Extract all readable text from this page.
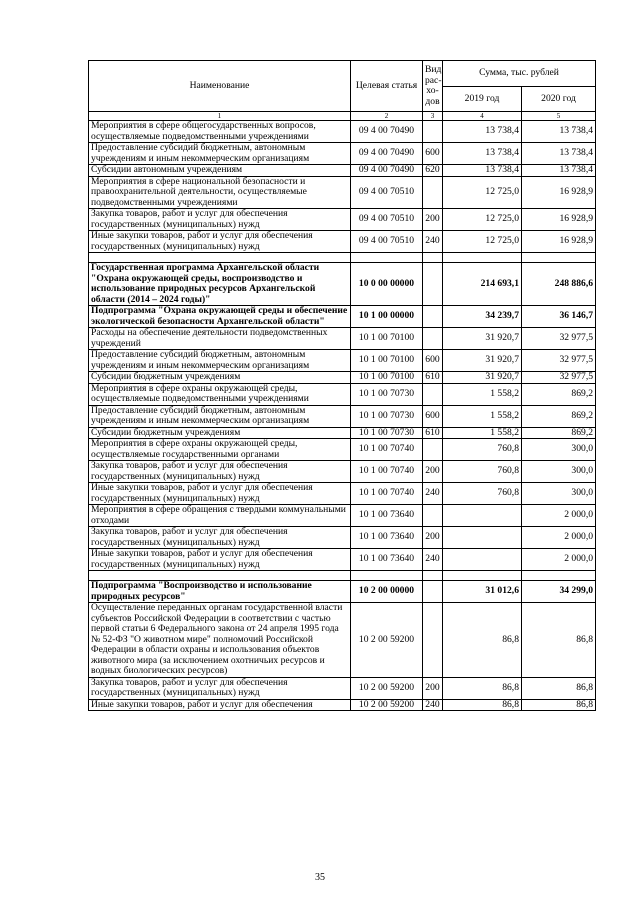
Наименование	Целевая статья	Вид рас-хо-дов	Сумма, тыс. рублей	
			2019 год	2020 год
1	2	3	4	5
Мероприятия в сфере общегосударственных вопросов, осуществляемые подведомственными учреждениями	09 4 00 70490		13 738,4	13 738,4
Предоставление субсидий бюджетным, автономным учреждениям и иным некоммерческим организациям	09 4 00 70490	600	13 738,4	13 738,4
Субсидии автономным учреждениям	09 4 00 70490	620	13 738,4	13 738,4
Мероприятия в сфере национальной безопасности и правоохранительной деятельности, осуществляемые подведомственными учреждениями	09 4 00 70510		12 725,0	16 928,9
Закупка товаров, работ и услуг для обеспечения государственных (муниципальных) нужд	09 4 00 70510	200	12 725,0	16 928,9
Иные закупки товаров, работ и услуг для обеспечения государственных (муниципальных) нужд	09 4 00 70510	240	12 725,0	16 928,9

Государственная программа Архангельской области "Охрана окружающей среды, воспроизводство и использование природных ресурсов Архангельской области (2014 – 2024 годы)"	10 0 00 00000		214 693,1	248 886,6
Подпрограмма "Охрана окружающей среды и обеспечение экологической безопасности Архангельской области"	10 1 00 00000		34 239,7	36 146,7
Расходы на обеспечение деятельности подведомственных учреждений	10 1 00 70100		31 920,7	32 977,5
Предоставление субсидий бюджетным, автономным учреждениям и иным некоммерческим организациям	10 1 00 70100	600	31 920,7	32 977,5
Субсидии бюджетным учреждениям	10 1 00 70100	610	31 920,7	32 977,5
Мероприятия в сфере охраны окружающей среды, осуществляемые подведомственными учреждениями	10 1 00 70730		1 558,2	869,2
Предоставление субсидий бюджетным, автономным учреждениям и иным некоммерческим организациям	10 1 00 70730	600	1 558,2	869,2
Субсидии бюджетным учреждениям	10 1 00 70730	610	1 558,2	869,2
Мероприятия в сфере охраны окружающей среды, осуществляемые государственными органами	10 1 00 70740		760,8	300,0
Закупка товаров, работ и услуг для обеспечения государственных (муниципальных) нужд	10 1 00 70740	200	760,8	300,0
Иные закупки товаров, работ и услуг для обеспечения государственных (муниципальных) нужд	10 1 00 70740	240	760,8	300,0
Мероприятия в сфере обращения с твердыми коммунальными отходами	10 1 00 73640			2 000,0
Закупка товаров, работ и услуг для обеспечения государственных (муниципальных) нужд	10 1 00 73640	200		2 000,0
Иные закупки товаров, работ и услуг для обеспечения государственных (муниципальных) нужд	10 1 00 73640	240		2 000,0

Подпрограмма "Воспроизводство и использование природных ресурсов"	10 2 00 00000		31 012,6	34 299,0
Осуществление переданных органам государственной власти субъектов Российской Федерации в соответствии с частью первой статьи 6 Федерального закона от 24 апреля 1995 года № 52-ФЗ "О животном мире" полномочий Российской Федерации в области охраны и использования объектов животного мира (за исключением охотничьих ресурсов и водных биологических ресурсов)	10 2 00 59200		86,8	86,8
Закупка товаров, работ и услуг для обеспечения государственных (муниципальных) нужд	10 2 00 59200	200	86,8	86,8
Иные закупки товаров, работ и услуг для обеспечения	10 2 00 59200	240	86,8	86,8
35
